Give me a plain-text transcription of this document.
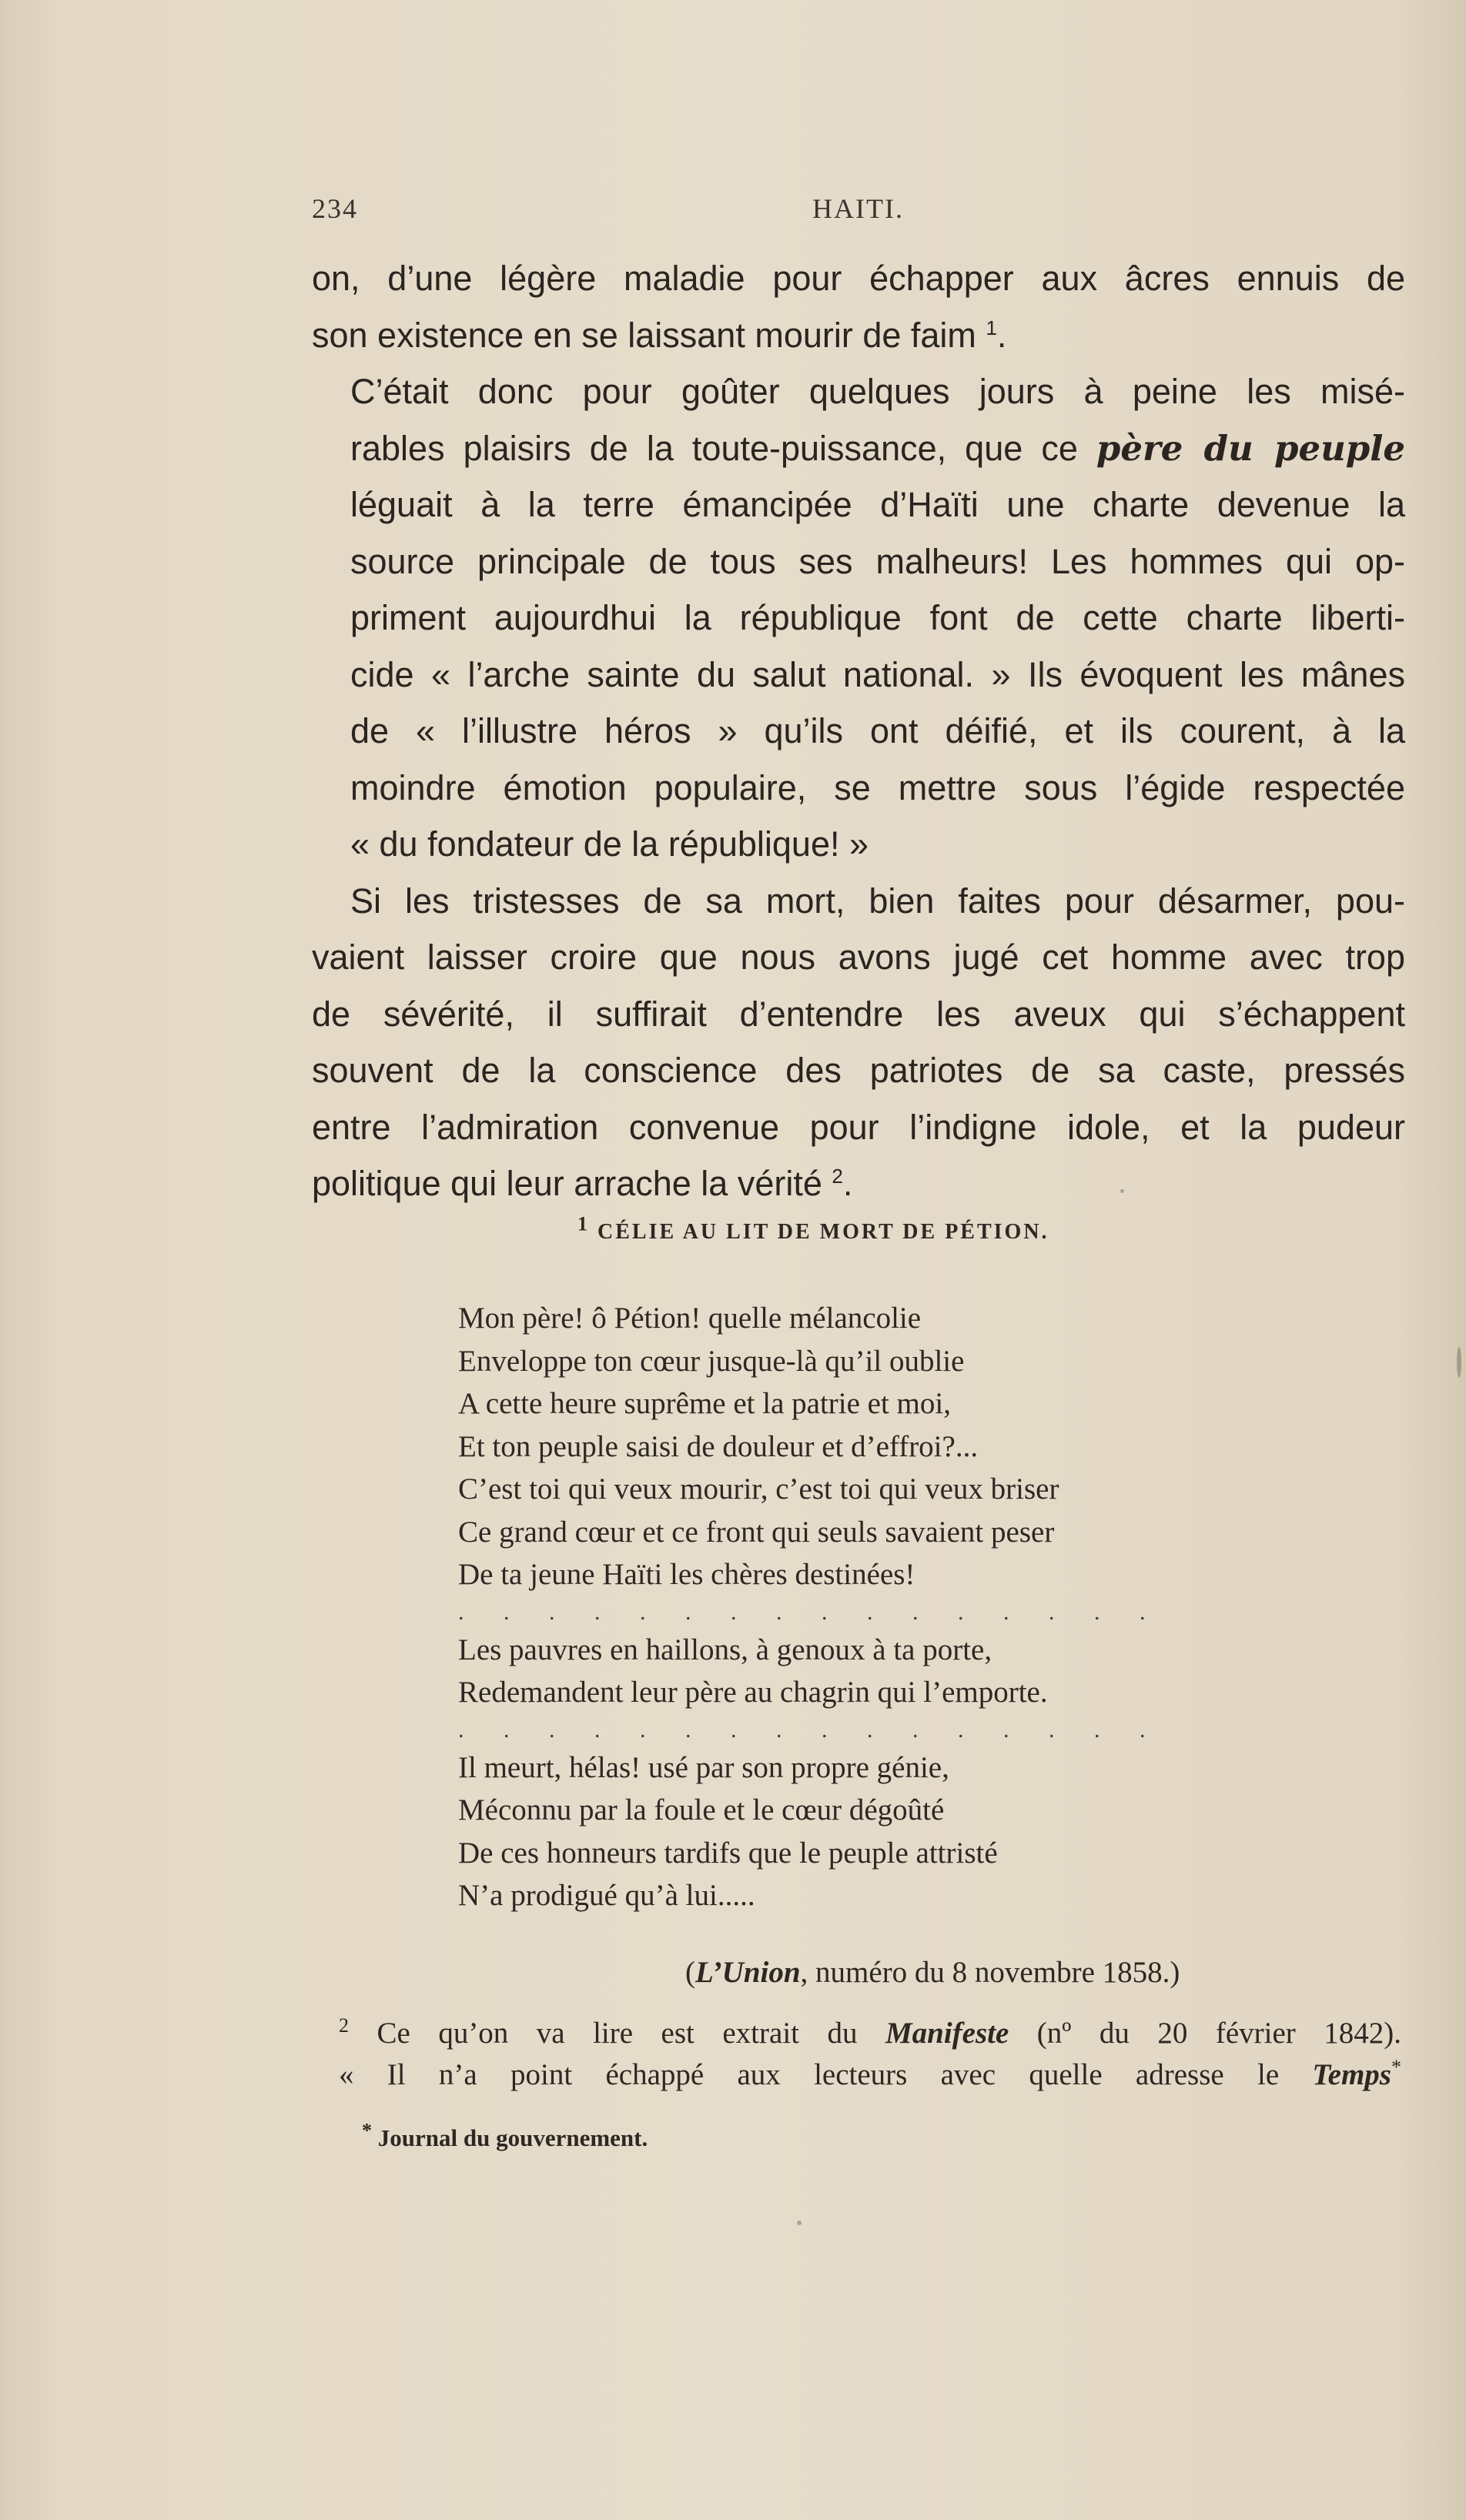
234	HAITI.

on, d’une légère maladie pour échapper aux âcres ennuis de
son existence en se laissant mourir de faim $^1$.

C’était donc pour goûter quelques jours à peine les misé-
rables plaisirs de la toute-puissance, que ce père du peuple
léguait à la terre émancipée d’Haïti une charte devenue la
source principale de tous ses malheurs! Les hommes qui op-
priment aujourdhui la république font de cette charte liberti-
cide « l’arche sainte du salut national. » Ils évoquent les mânes
de « l’illustre héros » qu’ils ont déifié, et ils courent, à la
moindre émotion populaire, se mettre sous l’égide respectée
« du fondateur de la république! »

Si les tristesses de sa mort, bien faites pour désarmer, pou-
vaient laisser croire que nous avons jugé cet homme avec trop
de sévérité, il suffirait d’entendre les aveux qui s’échappent
souvent de la conscience des patriotes de sa caste, pressés
entre l’admiration convenue pour l’indigne idole, et la pudeur
politique qui leur arrache la vérité $^2$.

$^1$ CÉLIE AU LIT DE MORT DE PÉTION.
Mon père! ô Pétion! quelle mélancolie
Enveloppe ton cœur jusque-là qu’il oublie
A cette heure suprême et la patrie et moi,
Et ton peuple saisi de douleur et d’effroi?...
C’est toi qui veux mourir, c’est toi qui veux briser
Ce grand cœur et ce front qui seuls savaient peser
De ta jeune Haïti les chères destinées!
. . . . . . . . . . . . . . . .
Les pauvres en haillons, à genoux à ta porte,
Redemandent leur père au chagrin qui l’emporte.
. . . . . . . . . . . . . . . .
Il meurt, hélas! usé par son propre génie,
Méconnu par la foule et le cœur dégoûté
De ces honneurs tardifs que le peuple attristé
N’a prodigué qu’à lui.....
(L’Union, numéro du 8 novembre 1858.)
$^2$ Ce qu’on va lire est extrait du Manifeste (nº du 20 février 1842).
« Il n’a point échappé aux lecteurs avec quelle adresse le Temps*
* Journal du gouvernement.
